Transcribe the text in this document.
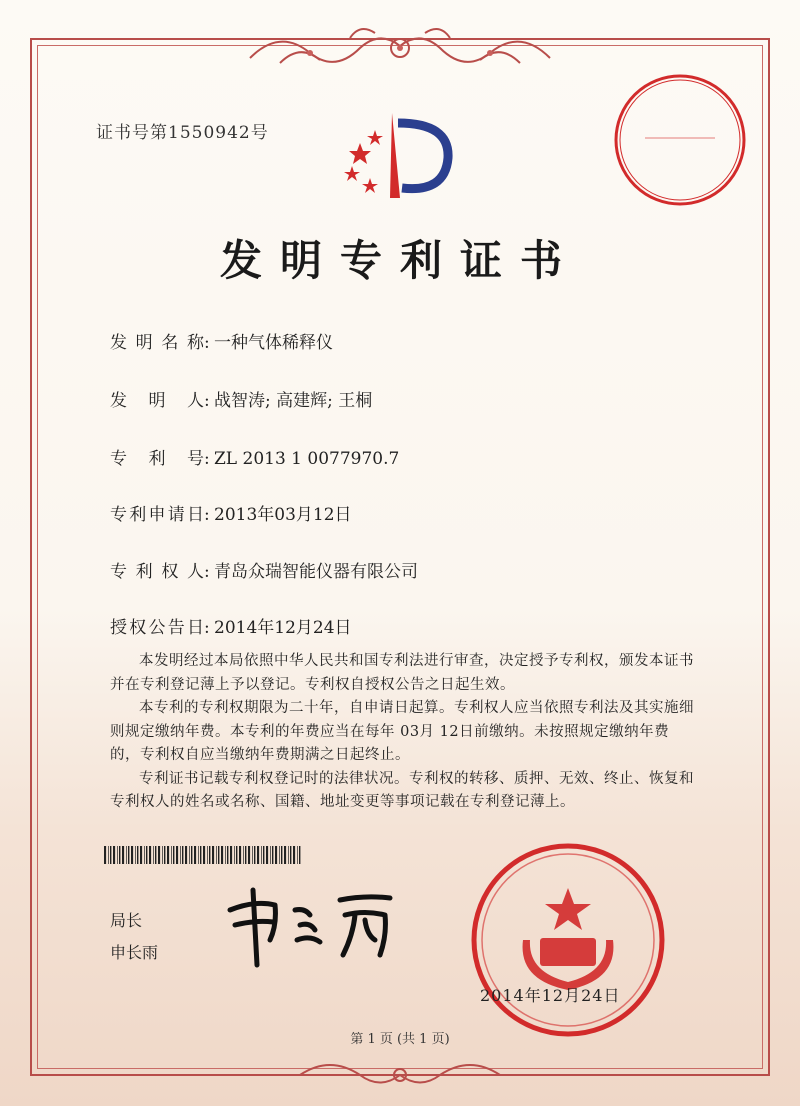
证书号第1550942号
发明专利证书
发明名称: 一种气体稀释仪
发明人: 战智涛; 高建辉; 王桐
专利号: ZL 2013 1 0077970.7
专利申请日: 2013年03月12日
专利权人: 青岛众瑞智能仪器有限公司
授权公告日: 2014年12月24日

本发明经过本局依照中华人民共和国专利法进行审查，决定授予专利权，颁发本证书并在专利登记薄上予以登记。专利权自授权公告之日起生效。

本专利的专利权期限为二十年，自申请日起算。专利权人应当依照专利法及其实施细则规定缴纳年费。本专利的年费应当在每年 03月 12日前缴纳。未按照规定缴纳年费的，专利权自应当缴纳年费期满之日起终止。

专利证书记载专利权登记时的法律状况。专利权的转移、质押、无效、终止、恢复和专利权人的姓名或名称、国籍、地址变更等事项记载在专利登记薄上。

局长
申长雨
2014年12月24日
第 1 页 (共 1 页)
